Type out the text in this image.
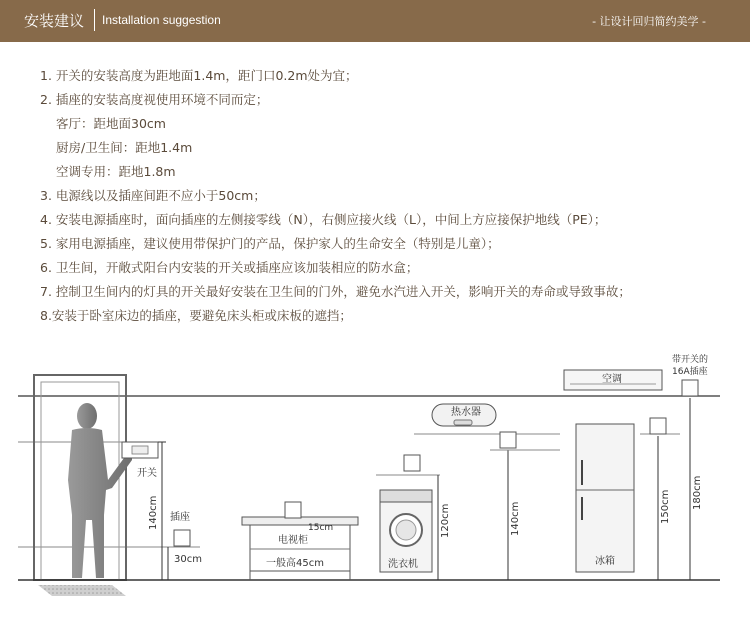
安装建议 Installation suggestion	- 让设计回归简约美学 -
1. 开关的安装高度为距地面1.4m，距门口0.2m处为宜；
2. 插座的安装高度视使用环境不同而定；
客厅：距地面30cm
厨房/卫生间：距地1.4m
空调专用：距地1.8m
3. 电源线以及插座间距不应小于50cm；
4. 安装电源插座时，面向插座的左侧接零线（N），右侧应接火线（L），中间上方应接保护地线（PE）；
5. 家用电源插座，建议使用带保护门的产品，保护家人的生命安全（特别是儿童）；
6. 卫生间，开敞式阳台内安装的开关或插座应该加装相应的防水盒；
7. 控制卫生间内的灯具的开关最好安装在卫生间的门外，避免水汽进入开关，影响开关的寿命或导致事故；
8.安装于卧室床边的插座，要避免床头柜或床板的遮挡；
开关
140cm 插座
30cm
15cm
电视柜
一般高45cm	洗衣机
120cm
热水器
140cm
冰箱
150cm
空调
带开关的
16A插座
180cm
